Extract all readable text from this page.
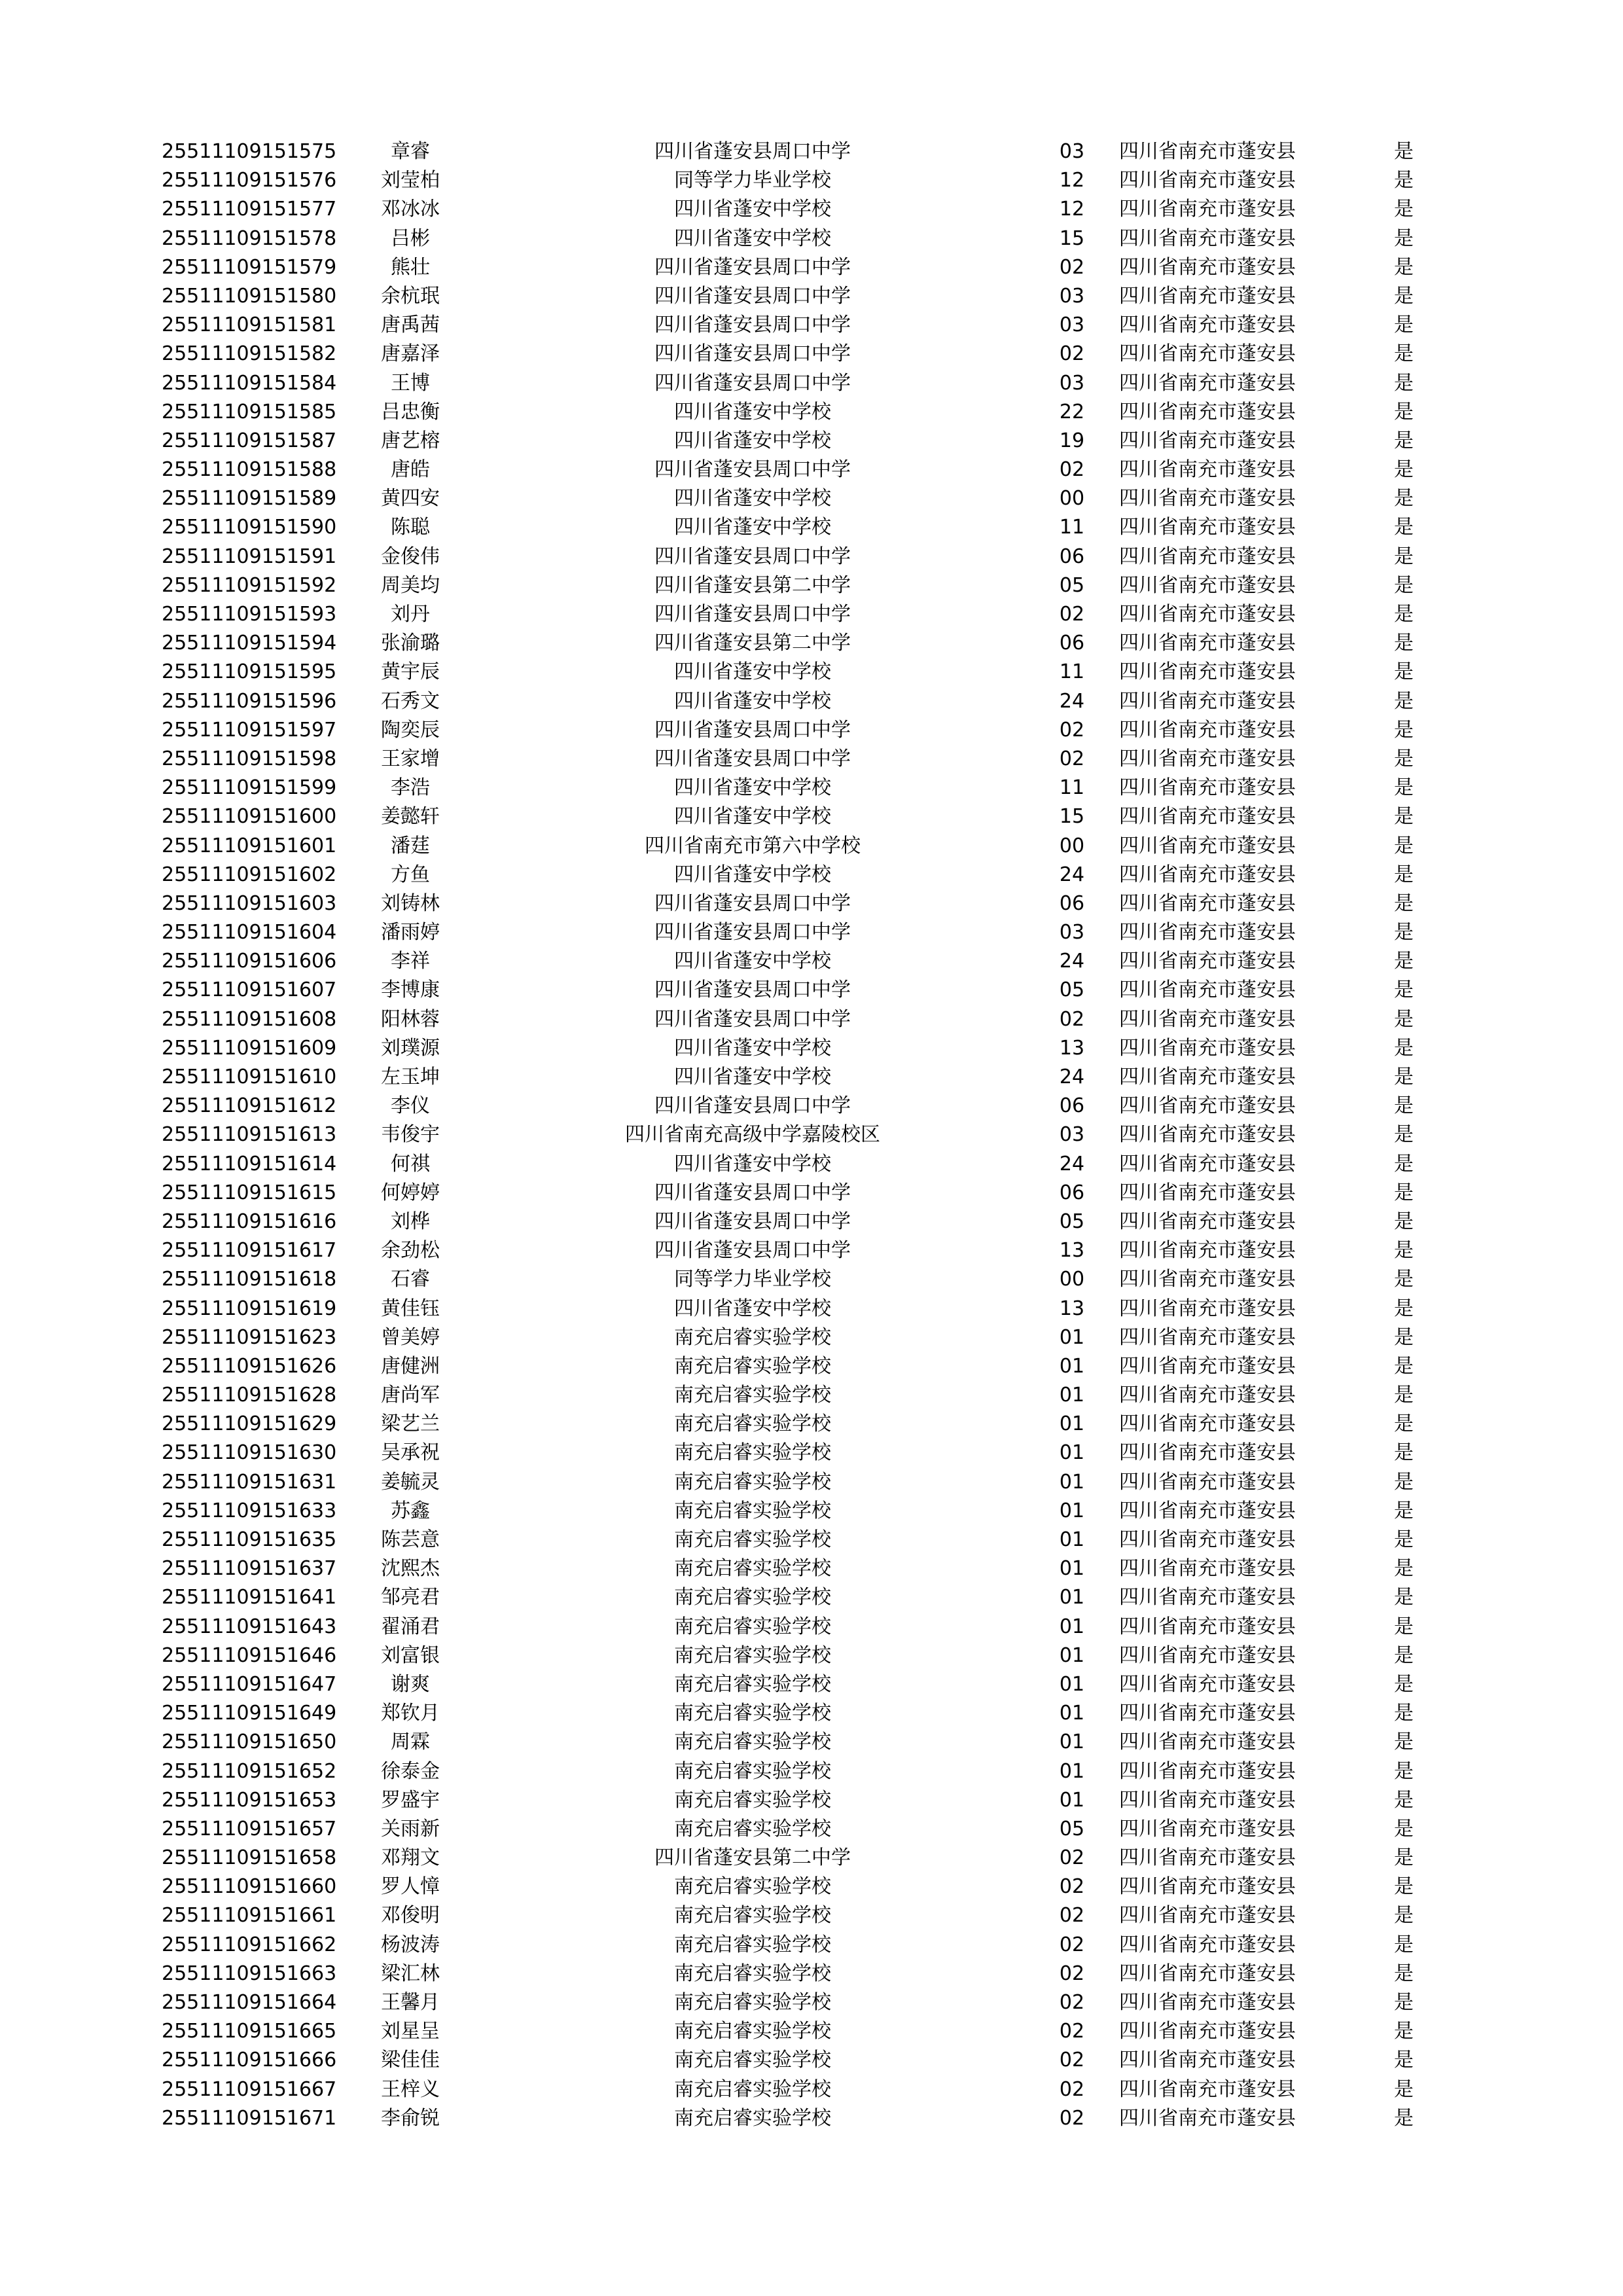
25511109151575	章睿	四川省蓬安县周口中学	03	四川省南充市蓬安县	是
25511109151576	刘莹柏	同等学力毕业学校	12	四川省南充市蓬安县	是
25511109151577	邓冰冰	四川省蓬安中学校	12	四川省南充市蓬安县	是
25511109151578	吕彬	四川省蓬安中学校	15	四川省南充市蓬安县	是
25511109151579	熊壮	四川省蓬安县周口中学	02	四川省南充市蓬安县	是
25511109151580	余杭珉	四川省蓬安县周口中学	03	四川省南充市蓬安县	是
25511109151581	唐禹茜	四川省蓬安县周口中学	03	四川省南充市蓬安县	是
25511109151582	唐嘉泽	四川省蓬安县周口中学	02	四川省南充市蓬安县	是
25511109151584	王博	四川省蓬安县周口中学	03	四川省南充市蓬安县	是
25511109151585	吕忠衡	四川省蓬安中学校	22	四川省南充市蓬安县	是
25511109151587	唐艺榕	四川省蓬安中学校	19	四川省南充市蓬安县	是
25511109151588	唐皓	四川省蓬安县周口中学	02	四川省南充市蓬安县	是
25511109151589	黄四安	四川省蓬安中学校	00	四川省南充市蓬安县	是
25511109151590	陈聪	四川省蓬安中学校	11	四川省南充市蓬安县	是
25511109151591	金俊伟	四川省蓬安县周口中学	06	四川省南充市蓬安县	是
25511109151592	周美均	四川省蓬安县第二中学	05	四川省南充市蓬安县	是
25511109151593	刘丹	四川省蓬安县周口中学	02	四川省南充市蓬安县	是
25511109151594	张渝璐	四川省蓬安县第二中学	06	四川省南充市蓬安县	是
25511109151595	黄宇辰	四川省蓬安中学校	11	四川省南充市蓬安县	是
25511109151596	石秀文	四川省蓬安中学校	24	四川省南充市蓬安县	是
25511109151597	陶奕辰	四川省蓬安县周口中学	02	四川省南充市蓬安县	是
25511109151598	王家增	四川省蓬安县周口中学	02	四川省南充市蓬安县	是
25511109151599	李浩	四川省蓬安中学校	11	四川省南充市蓬安县	是
25511109151600	姜懿轩	四川省蓬安中学校	15	四川省南充市蓬安县	是
25511109151601	潘莛	四川省南充市第六中学校	00	四川省南充市蓬安县	是
25511109151602	方鱼	四川省蓬安中学校	24	四川省南充市蓬安县	是
25511109151603	刘铸林	四川省蓬安县周口中学	06	四川省南充市蓬安县	是
25511109151604	潘雨婷	四川省蓬安县周口中学	03	四川省南充市蓬安县	是
25511109151606	李祥	四川省蓬安中学校	24	四川省南充市蓬安县	是
25511109151607	李博康	四川省蓬安县周口中学	05	四川省南充市蓬安县	是
25511109151608	阳林蓉	四川省蓬安县周口中学	02	四川省南充市蓬安县	是
25511109151609	刘璞源	四川省蓬安中学校	13	四川省南充市蓬安县	是
25511109151610	左玉坤	四川省蓬安中学校	24	四川省南充市蓬安县	是
25511109151612	李仪	四川省蓬安县周口中学	06	四川省南充市蓬安县	是
25511109151613	韦俊宇	四川省南充高级中学嘉陵校区	03	四川省南充市蓬安县	是
25511109151614	何祺	四川省蓬安中学校	24	四川省南充市蓬安县	是
25511109151615	何婷婷	四川省蓬安县周口中学	06	四川省南充市蓬安县	是
25511109151616	刘桦	四川省蓬安县周口中学	05	四川省南充市蓬安县	是
25511109151617	余劲松	四川省蓬安县周口中学	13	四川省南充市蓬安县	是
25511109151618	石睿	同等学力毕业学校	00	四川省南充市蓬安县	是
25511109151619	黄佳钰	四川省蓬安中学校	13	四川省南充市蓬安县	是
25511109151623	曾美婷	南充启睿实验学校	01	四川省南充市蓬安县	是
25511109151626	唐健洲	南充启睿实验学校	01	四川省南充市蓬安县	是
25511109151628	唐尚军	南充启睿实验学校	01	四川省南充市蓬安县	是
25511109151629	梁艺兰	南充启睿实验学校	01	四川省南充市蓬安县	是
25511109151630	吴承祝	南充启睿实验学校	01	四川省南充市蓬安县	是
25511109151631	姜毓灵	南充启睿实验学校	01	四川省南充市蓬安县	是
25511109151633	苏鑫	南充启睿实验学校	01	四川省南充市蓬安县	是
25511109151635	陈芸意	南充启睿实验学校	01	四川省南充市蓬安县	是
25511109151637	沈熙杰	南充启睿实验学校	01	四川省南充市蓬安县	是
25511109151641	邹亮君	南充启睿实验学校	01	四川省南充市蓬安县	是
25511109151643	翟涌君	南充启睿实验学校	01	四川省南充市蓬安县	是
25511109151646	刘富银	南充启睿实验学校	01	四川省南充市蓬安县	是
25511109151647	谢爽	南充启睿实验学校	01	四川省南充市蓬安县	是
25511109151649	郑钦月	南充启睿实验学校	01	四川省南充市蓬安县	是
25511109151650	周霖	南充启睿实验学校	01	四川省南充市蓬安县	是
25511109151652	徐泰金	南充启睿实验学校	01	四川省南充市蓬安县	是
25511109151653	罗盛宇	南充启睿实验学校	01	四川省南充市蓬安县	是
25511109151657	关雨新	南充启睿实验学校	05	四川省南充市蓬安县	是
25511109151658	邓翔文	四川省蓬安县第二中学	02	四川省南充市蓬安县	是
25511109151660	罗人慞	南充启睿实验学校	02	四川省南充市蓬安县	是
25511109151661	邓俊明	南充启睿实验学校	02	四川省南充市蓬安县	是
25511109151662	杨波涛	南充启睿实验学校	02	四川省南充市蓬安县	是
25511109151663	梁汇林	南充启睿实验学校	02	四川省南充市蓬安县	是
25511109151664	王馨月	南充启睿实验学校	02	四川省南充市蓬安县	是
25511109151665	刘星呈	南充启睿实验学校	02	四川省南充市蓬安县	是
25511109151666	梁佳佳	南充启睿实验学校	02	四川省南充市蓬安县	是
25511109151667	王梓义	南充启睿实验学校	02	四川省南充市蓬安县	是
25511109151671	李俞锐	南充启睿实验学校	02	四川省南充市蓬安县	是
